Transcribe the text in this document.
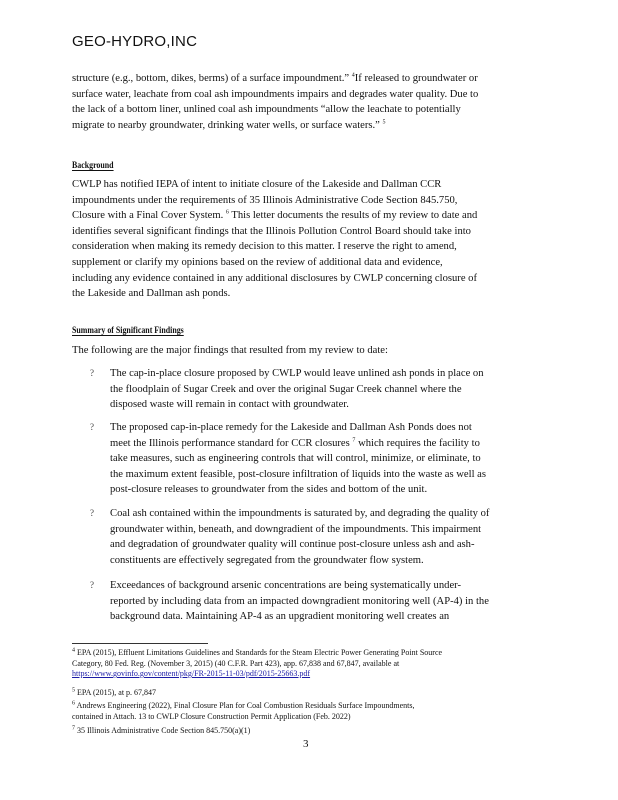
GEO-HYDRO,INC
structure (e.g., bottom, dikes, berms) of a surface impoundment.” $^4$If released to groundwater or
surface water, leachate from coal ash impoundments impairs and degrades water quality. Due to
the lack of a bottom liner, unlined coal ash impoundments “allow the leachate to potentially
migrate to nearby groundwater, drinking water wells, or surface waters.” $^5$
Background
CWLP has notified IEPA of intent to initiate closure of the Lakeside and Dallman CCR
impoundments under the requirements of 35 Illinois Administrative Code Section 845.750,
Closure with a Final Cover System. $^6$ This letter documents the results of my review to date and
identifies several significant findings that the Illinois Pollution Control Board should take into
consideration when making its remedy decision to this matter. I reserve the right to amend,
supplement or clarify my opinions based on the review of additional data and evidence,
including any evidence contained in any additional disclosures by CWLP concerning closure of
the Lakeside and Dallman ash ponds.
Summary of Significant Findings
The following are the major findings that resulted from my review to date:
? The cap-in-place closure proposed by CWLP would leave unlined ash ponds in place on
the floodplain of Sugar Creek and over the original Sugar Creek channel where the
disposed waste will remain in contact with groundwater.
? The proposed cap-in-place remedy for the Lakeside and Dallman Ash Ponds does not
meet the Illinois performance standard for CCR closures $^7$ which requires the facility to
take measures, such as engineering controls that will control, minimize, or eliminate, to
the maximum extent feasible, post-closure infiltration of liquids into the waste as well as
post-closure releases to groundwater from the sides and bottom of the unit.
? Coal ash contained within the impoundments is saturated by, and degrading the quality of
groundwater within, beneath, and downgradient of the impoundments. This impairment
and degradation of groundwater quality will continue post-closure unless ash and ash-
constituents are effectively segregated from the groundwater flow system.
? Exceedances of background arsenic concentrations are being systematically under-
reported by including data from an impacted downgradient monitoring well (AP-4) in the
background data. Maintaining AP-4 as an upgradient monitoring well creates an
$^4$ EPA (2015), Effluent Limitations Guidelines and Standards for the Steam Electric Power Generating Point Source
Category, 80 Fed. Reg. (November 3, 2015) (40 C.F.R. Part 423), app. 67,838 and 67,847, available at
https://www.govinfo.gov/content/pkg/FR-2015-11-03/pdf/2015-25663.pdf
$^5$ EPA (2015), at p. 67,847
$^6$ Andrews Engineering (2022), Final Closure Plan for Coal Combustion Residuals Surface Impoundments,
contained in Attach. 13 to CWLP Closure Construction Permit Application (Feb. 2022)
$^7$ 35 Illinois Administrative Code Section 845.750(a)(1)
3
